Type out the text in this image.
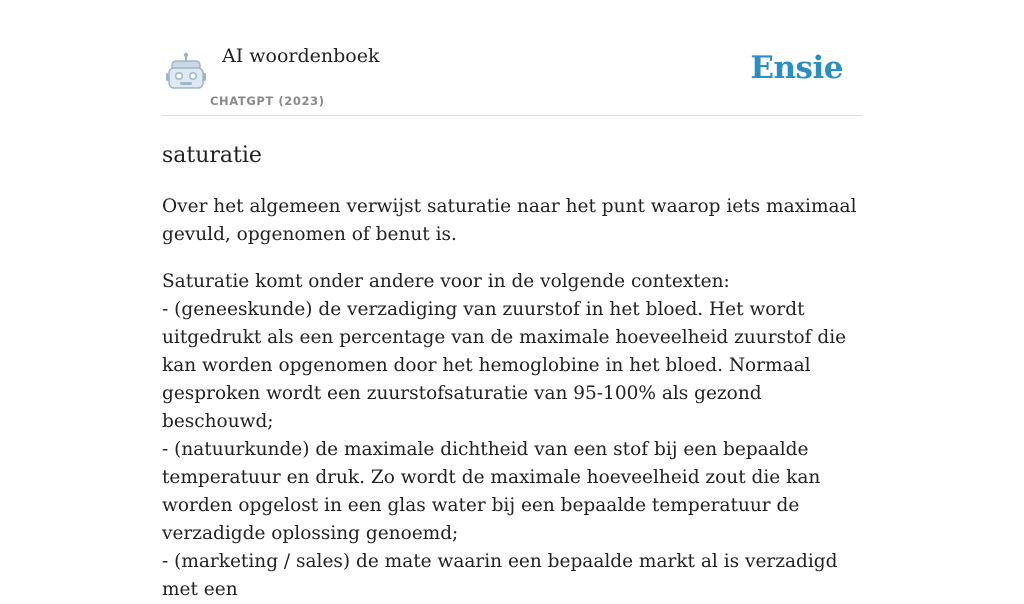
AI woordenboek
CHATGPT (2023)
Ensie
saturatie

Over het algemeen verwijst saturatie naar het punt waarop iets maximaal gevuld, opgenomen of benut is.

Saturatie komt onder andere voor in de volgende contexten:
- (geneeskunde) de verzadiging van zuurstof in het bloed. Het wordt uitgedrukt als een percentage van de maximale hoeveelheid zuurstof die kan worden opgenomen door het hemoglobine in het bloed. Normaal gesproken wordt een zuurstofsaturatie van 95-100% als gezond beschouwd;
- (natuurkunde) de maximale dichtheid van een stof bij een bepaalde temperatuur en druk. Zo wordt de maximale hoeveelheid zout die kan worden opgelost in een glas water bij een bepaalde temperatuur de verzadigde oplossing genoemd;
- (marketing / sales) de mate waarin een bepaalde markt al is verzadigd met een
